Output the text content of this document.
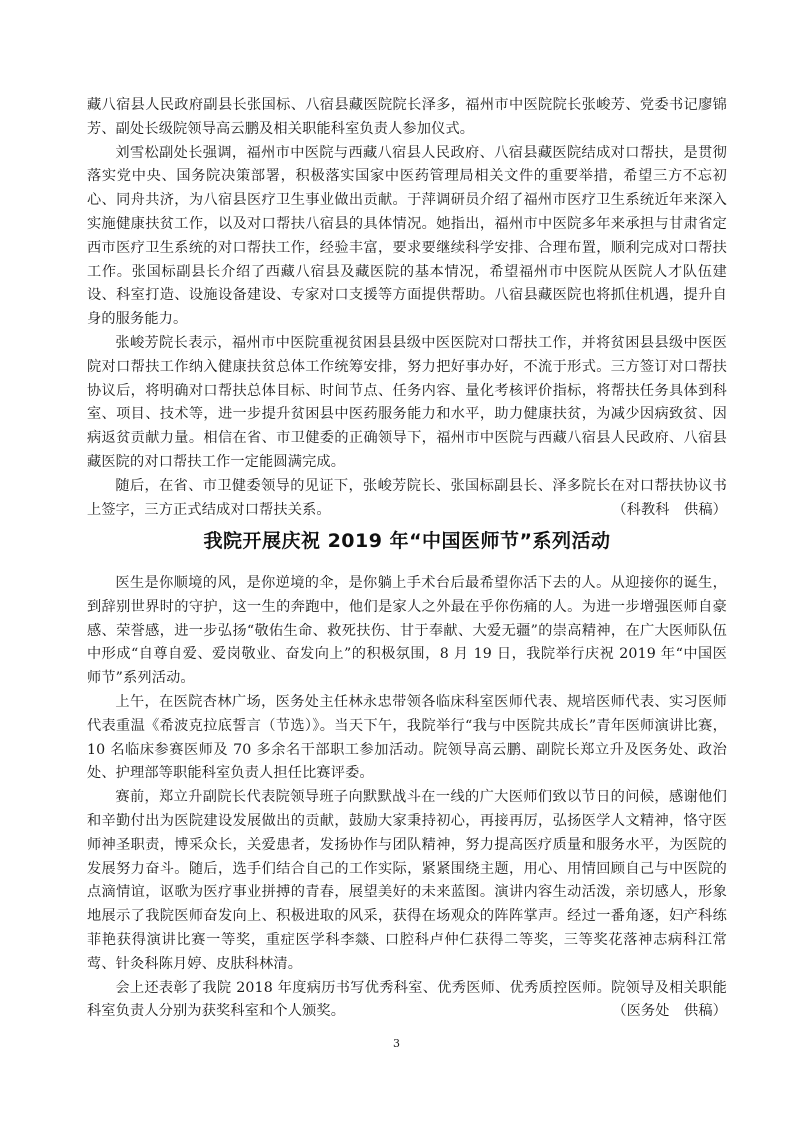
藏八宿县人民政府副县长张国标、八宿县藏医院院长泽多，福州市中医院院长张峻芳、党委书记廖锦芳、副处长级院领导高云鹏及相关职能科室负责人参加仪式。

刘雪松副处长强调，福州市中医院与西藏八宿县人民政府、八宿县藏医院结成对口帮扶，是贯彻落实党中央、国务院决策部署，积极落实国家中医药管理局相关文件的重要举措，希望三方不忘初心、同舟共济，为八宿县医疗卫生事业做出贡献。于萍调研员介绍了福州市医疗卫生系统近年来深入实施健康扶贫工作，以及对口帮扶八宿县的具体情况。她指出，福州市中医院多年来承担与甘肃省定西市医疗卫生系统的对口帮扶工作，经验丰富，要求要继续科学安排、合理布置，顺利完成对口帮扶工作。张国标副县长介绍了西藏八宿县及藏医院的基本情况，希望福州市中医院从医院人才队伍建设、科室打造、设施设备建设、专家对口支援等方面提供帮助。八宿县藏医院也将抓住机遇，提升自身的服务能力。

张峻芳院长表示，福州市中医院重视贫困县县级中医医院对口帮扶工作，并将贫困县县级中医医院对口帮扶工作纳入健康扶贫总体工作统筹安排，努力把好事办好，不流于形式。三方签订对口帮扶协议后，将明确对口帮扶总体目标、时间节点、任务内容、量化考核评价指标，将帮扶任务具体到科室、项目、技术等，进一步提升贫困县中医药服务能力和水平，助力健康扶贫，为减少因病致贫、因病返贫贡献力量。相信在省、市卫健委的正确领导下，福州市中医院与西藏八宿县人民政府、八宿县藏医院的对口帮扶工作一定能圆满完成。

随后，在省、市卫健委领导的见证下，张峻芳院长、张国标副县长、泽多院长在对口帮扶协议书上签字，三方正式结成对口帮扶关系。	（科教科　供稿）
我院开展庆祝 2019 年“中国医师节”系列活动

医生是你顺境的风，是你逆境的伞，是你躺上手术台后最希望你活下去的人。从迎接你的诞生，到辞别世界时的守护，这一生的奔跑中，他们是家人之外最在乎你伤痛的人。为进一步增强医师自豪感、荣誉感，进一步弘扬“敬佑生命、救死扶伤、甘于奉献、大爱无疆”的崇高精神，在广大医师队伍中形成“自尊自爱、爱岗敬业、奋发向上”的积极氛围，8 月 19 日，我院举行庆祝 2019 年“中国医师节”系列活动。

上午，在医院杏林广场，医务处主任林永忠带领各临床科室医师代表、规培医师代表、实习医师代表重温《希波克拉底誓言（节选）》。当天下午，我院举行“我与中医院共成长”青年医师演讲比赛，10 名临床参赛医师及 70 多余名干部职工参加活动。院领导高云鹏、副院长郑立升及医务处、政治处、护理部等职能科室负责人担任比赛评委。

赛前，郑立升副院长代表院领导班子向默默战斗在一线的广大医师们致以节日的问候，感谢他们和辛勤付出为医院建设发展做出的贡献，鼓励大家秉持初心，再接再厉，弘扬医学人文精神，恪守医师神圣职责，博采众长，关爱患者，发扬协作与团队精神，努力提高医疗质量和服务水平，为医院的发展努力奋斗。随后，选手们结合自己的工作实际，紧紧围绕主题，用心、用情回顾自己与中医院的点滴情谊，讴歌为医疗事业拼搏的青春，展望美好的未来蓝图。演讲内容生动活泼，亲切感人，形象地展示了我院医师奋发向上、积极进取的风采，获得在场观众的阵阵掌声。经过一番角逐，妇产科练菲艳获得演讲比赛一等奖，重症医学科李燚、口腔科卢仲仁获得二等奖，三等奖花落神志病科江常莺、针灸科陈月婷、皮肤科林清。

会上还表彰了我院 2018 年度病历书写优秀科室、优秀医师、优秀质控医师。院领导及相关职能科室负责人分别为获奖科室和个人颁奖。	（医务处　供稿）
3
